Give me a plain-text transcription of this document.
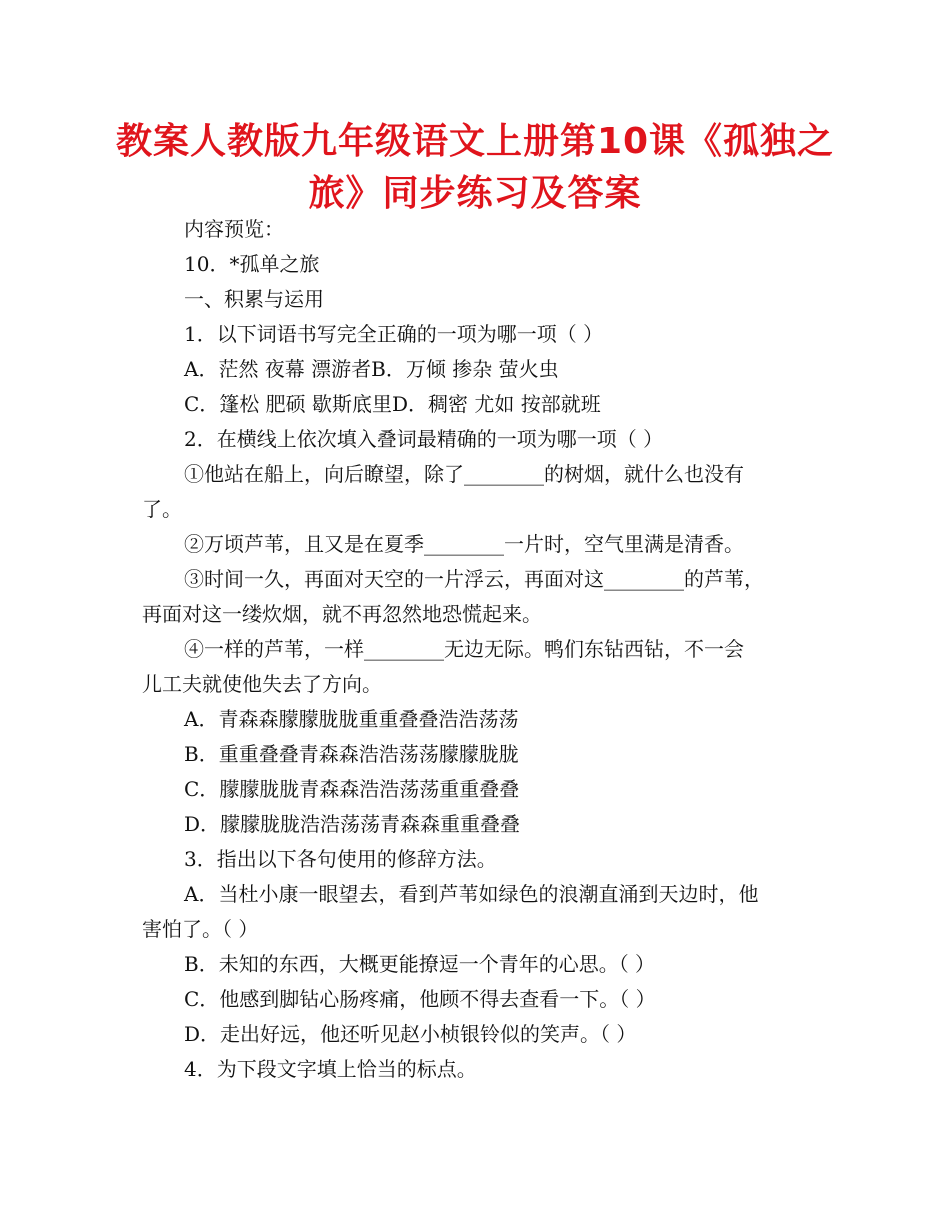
教案人教版九年级语文上册第10课《孤独之旅》同步练习及答案
内容预览：
10．*孤单之旅
一、积累与运用
1．以下词语书写完全正确的一项为哪一项（ ）
A．茫然 夜幕 漂游者B．万倾 掺杂 萤火虫
C．篷松 肥硕 歇斯底里D．稠密 尤如 按部就班
2．在横线上依次填入叠词最精确的一项为哪一项（ ）
①他站在船上，向后瞭望，除了________的树烟，就什么也没有
了。
②万顷芦苇，且又是在夏季________一片时，空气里满是清香。
③时间一久，再面对天空的一片浮云，再面对这________的芦苇，
再面对这一缕炊烟，就不再忽然地恐慌起来。
④一样的芦苇，一样________无边无际。鸭们东钻西钻，不一会
儿工夫就使他失去了方向。
A．青森森朦朦胧胧重重叠叠浩浩荡荡
B．重重叠叠青森森浩浩荡荡朦朦胧胧
C．朦朦胧胧青森森浩浩荡荡重重叠叠
D．朦朦胧胧浩浩荡荡青森森重重叠叠
3．指出以下各句使用的修辞方法。
A．当杜小康一眼望去，看到芦苇如绿色的浪潮直涌到天边时，他
害怕了。（ ）
B．未知的东西，大概更能撩逗一个青年的心思。（ ）
C．他感到脚钻心肠疼痛，他顾不得去查看一下。（ ）
D．走出好远，他还听见赵小桢银铃似的笑声。（ ）
4．为下段文字填上恰当的标点。
